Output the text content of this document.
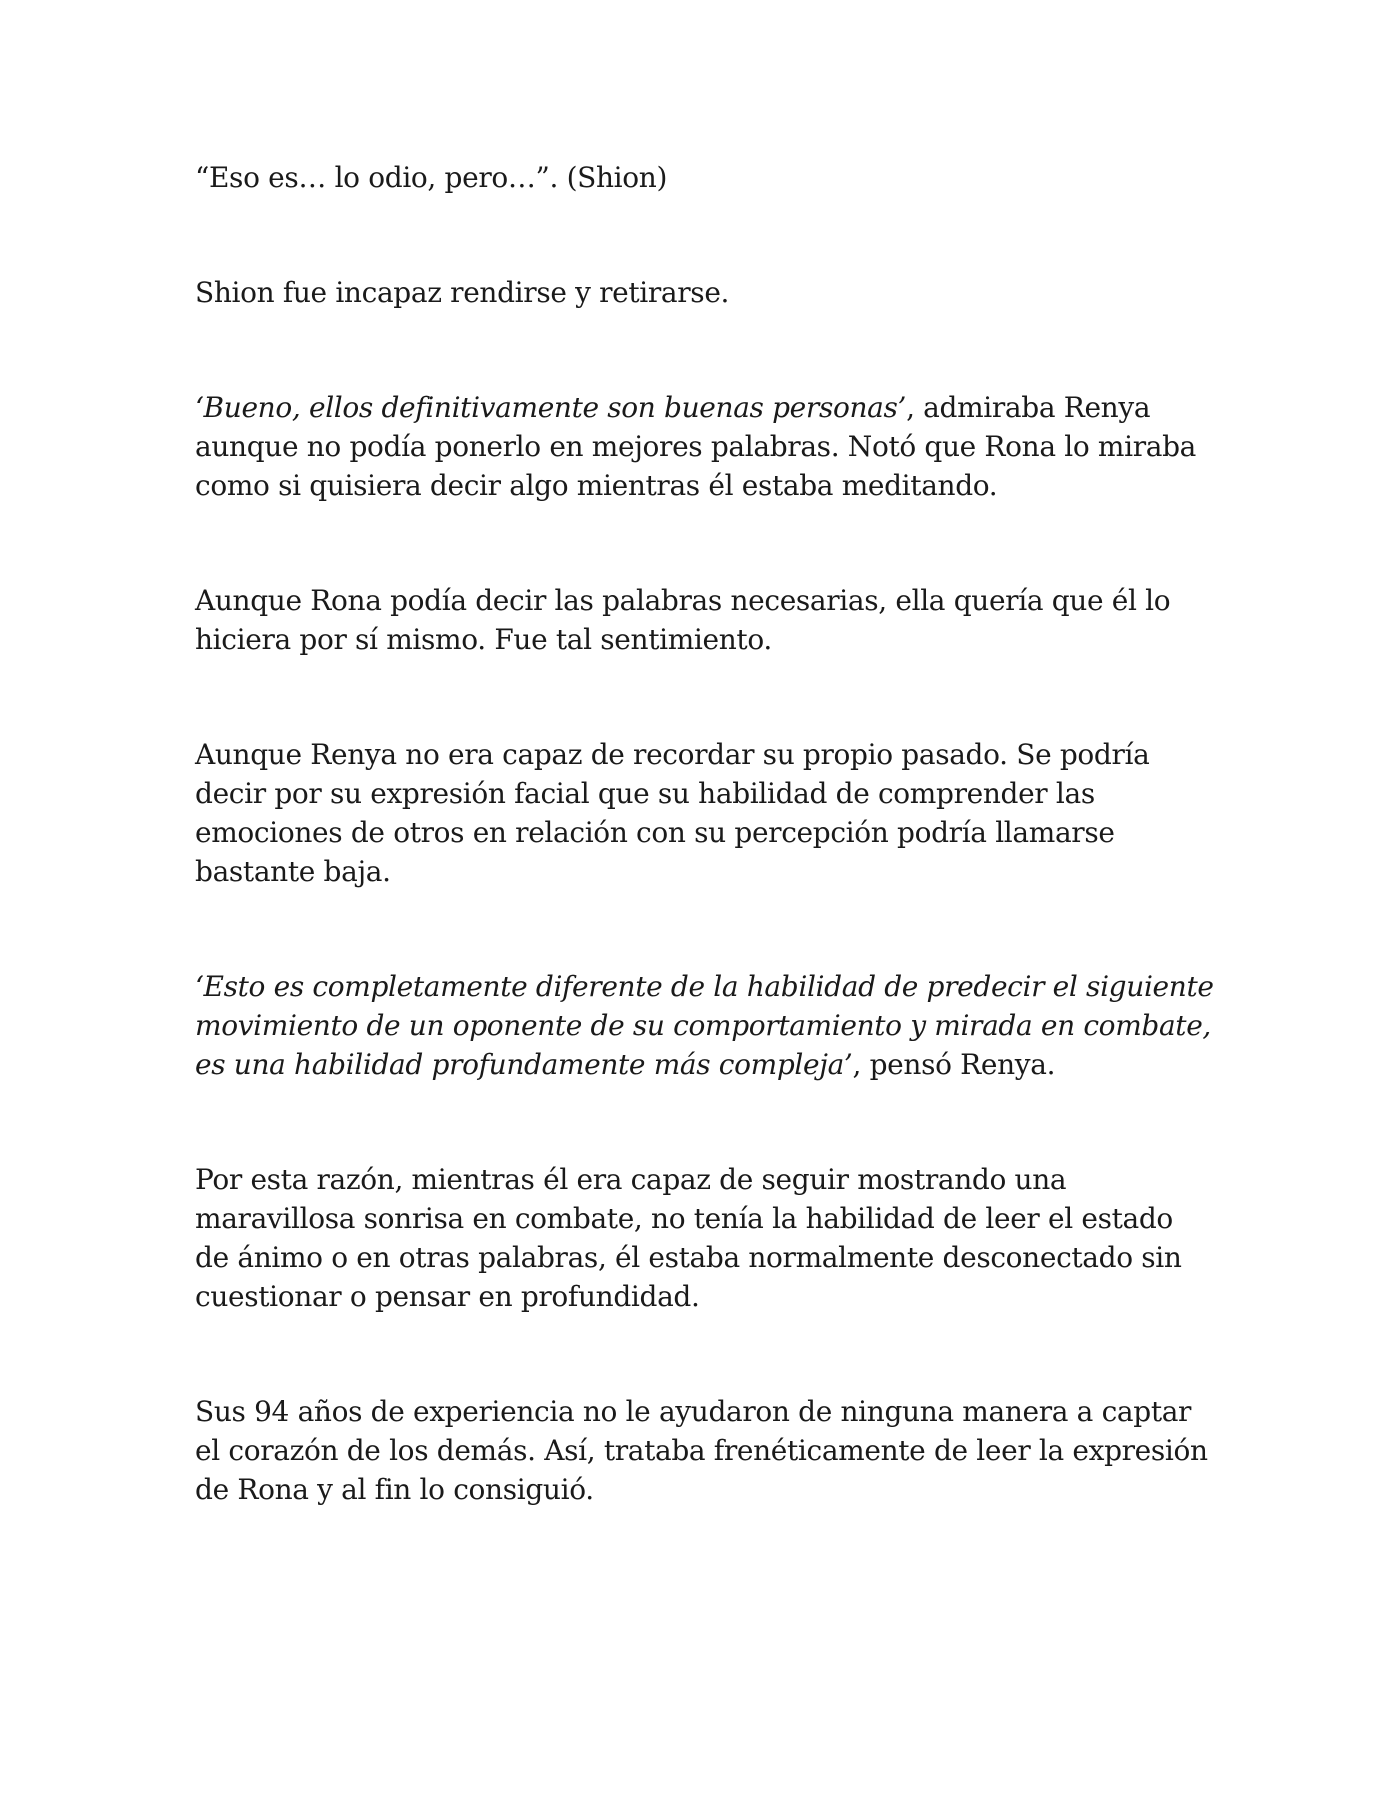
“Eso es… lo odio, pero…”. (Shion)

Shion fue incapaz rendirse y retirarse.

‘Bueno, ellos definitivamente son buenas personas’, admiraba Renya aunque no podía ponerlo en mejores palabras. Notó que Rona lo miraba como si quisiera decir algo mientras él estaba meditando.

Aunque Rona podía decir las palabras necesarias, ella quería que él lo hiciera por sí mismo. Fue tal sentimiento.

Aunque Renya no era capaz de recordar su propio pasado. Se podría decir por su expresión facial que su habilidad de comprender las emociones de otros en relación con su percepción podría llamarse bastante baja.

‘Esto es completamente diferente de la habilidad de predecir el siguiente movimiento de un oponente de su comportamiento y mirada en combate, es una habilidad profundamente más compleja’, pensó Renya.

Por esta razón, mientras él era capaz de seguir mostrando una maravillosa sonrisa en combate, no tenía la habilidad de leer el estado de ánimo o en otras palabras, él estaba normalmente desconectado sin cuestionar o pensar en profundidad.

Sus 94 años de experiencia no le ayudaron de ninguna manera a captar el corazón de los demás. Así, trataba frenéticamente de leer la expresión de Rona y al fin lo consiguió.
